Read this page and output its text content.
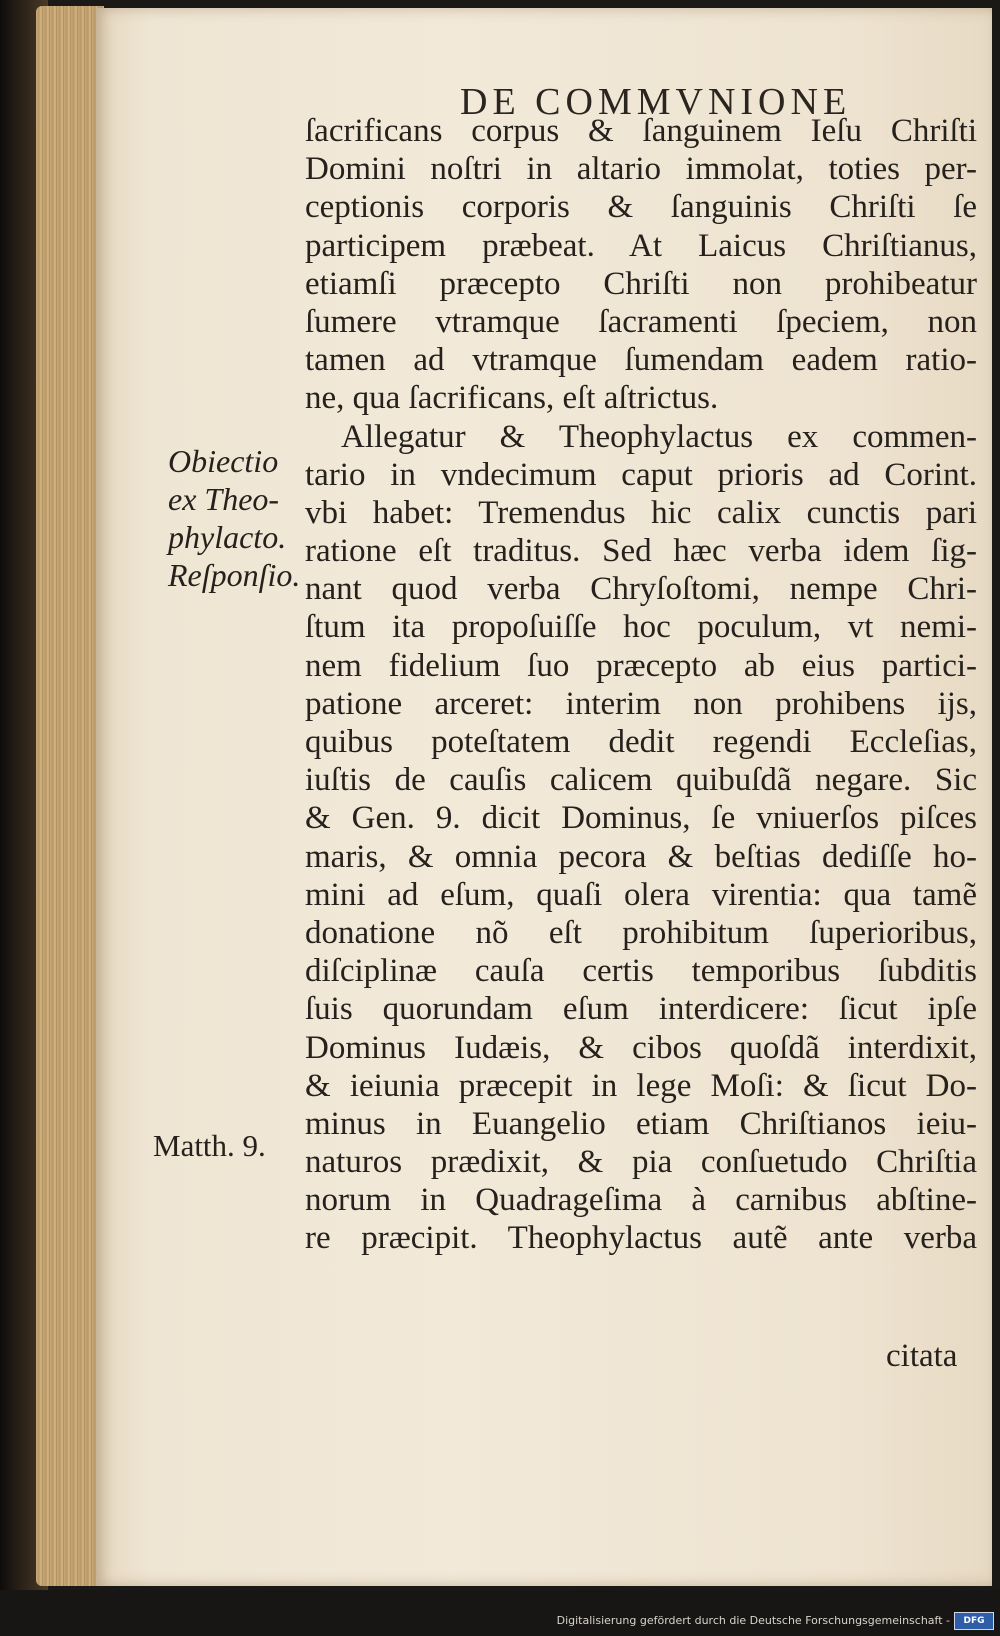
DE COMMVNIONE
ſacrificans corpus & ſanguinem Ieſu Chriſti
Domini noſtri in altario immolat, toties per-
ceptionis corporis & ſanguinis Chriſti ſe
participem præbeat. At Laicus Chriſtianus,
etiamſi præcepto Chriſti non prohibeatur
ſumere vtramque ſacramenti ſpeciem, non
tamen ad vtramque ſumendam eadem ratio-
ne, qua ſacrificans, eſt aſtrictus.
Allegatur & Theophylactus ex commen-
tario in vndecimum caput prioris ad Corint.
vbi habet: Tremendus hic calix cunctis pari
ratione eſt traditus. Sed hæc verba idem ſig-
nant quod verba Chryſoſtomi, nempe Chri-
ſtum ita propoſuiſſe hoc poculum, vt nemi-
nem fidelium ſuo præcepto ab eius partici-
patione arceret: interim non prohibens ijs,
quibus poteſtatem dedit regendi Eccleſias,
iuſtis de cauſis calicem quibuſdã negare. Sic
& Gen. 9. dicit Dominus, ſe vniuerſos piſces
maris, & omnia pecora & beſtias dediſſe ho-
mini ad eſum, quaſi olera virentia: qua tamẽ
donatione nõ eſt prohibitum ſuperioribus,
diſciplinæ cauſa certis temporibus ſubditis
ſuis quorundam eſum interdicere: ſicut ipſe
Dominus Iudæis, & cibos quoſdã interdixit,
& ieiunia præcepit in lege Moſi: & ſicut Do-
minus in Euangelio etiam Chriſtianos ieiu-
naturos prædixit, & pia conſuetudo Chriſtia
norum in Quadrageſima à carnibus abſtine-
re præcipit. Theophylactus autẽ ante verba
citata
Obiectio
ex Theo-
phylacto.
Reſponſio.
Matth. 9.
Digitalisierung gefördert durch die Deutsche Forschungsgemeinschaft -	DFG
